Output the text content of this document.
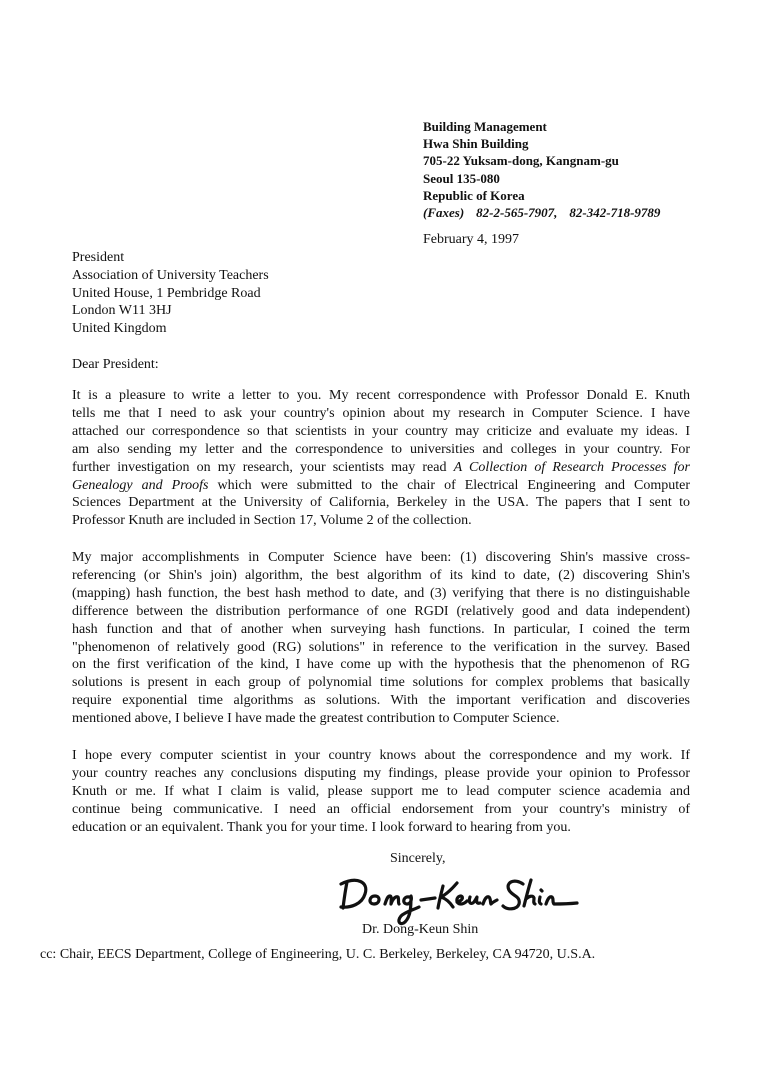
Building Management
Hwa Shin Building
705-22 Yuksam-dong, Kangnam-gu
Seoul 135-080
Republic of Korea
(Faxes) 82-2-565-7907, 82-342-718-9789
February 4, 1997
President
Association of University Teachers
United House, 1 Pembridge Road
London W11 3HJ
United Kingdom
Dear President:
It is a pleasure to write a letter to you. My recent correspondence with Professor Donald E. Knuth
tells me that I need to ask your country's opinion about my research in Computer Science. I have
attached our correspondence so that scientists in your country may criticize and evaluate my ideas. I
am also sending my letter and the correspondence to universities and colleges in your country. For
further investigation on my research, your scientists may read A Collection of Research Processes for
Genealogy and Proofs which were submitted to the chair of Electrical Engineering and Computer
Sciences Department at the University of California, Berkeley in the USA. The papers that I sent to
Professor Knuth are included in Section 17, Volume 2 of the collection.
My major accomplishments in Computer Science have been: (1) discovering Shin's massive cross-
referencing (or Shin's join) algorithm, the best algorithm of its kind to date, (2) discovering Shin's
(mapping) hash function, the best hash method to date, and (3) verifying that there is no distinguishable
difference between the distribution performance of one RGDI (relatively good and data independent)
hash function and that of another when surveying hash functions. In particular, I coined the term
"phenomenon of relatively good (RG) solutions" in reference to the verification in the survey. Based
on the first verification of the kind, I have come up with the hypothesis that the phenomenon of RG
solutions is present in each group of polynomial time solutions for complex problems that basically
require exponential time algorithms as solutions. With the important verification and discoveries
mentioned above, I believe I have made the greatest contribution to Computer Science.
I hope every computer scientist in your country knows about the correspondence and my work. If
your country reaches any conclusions disputing my findings, please provide your opinion to Professor
Knuth or me. If what I claim is valid, please support me to lead computer science academia and
continue being communicative. I need an official endorsement from your country's ministry of
education or an equivalent. Thank you for your time. I look forward to hearing from you.
Sincerely,
Dr. Dong-Keun Shin
cc: Chair, EECS Department, College of Engineering, U. C. Berkeley, Berkeley, CA 94720, U.S.A.
